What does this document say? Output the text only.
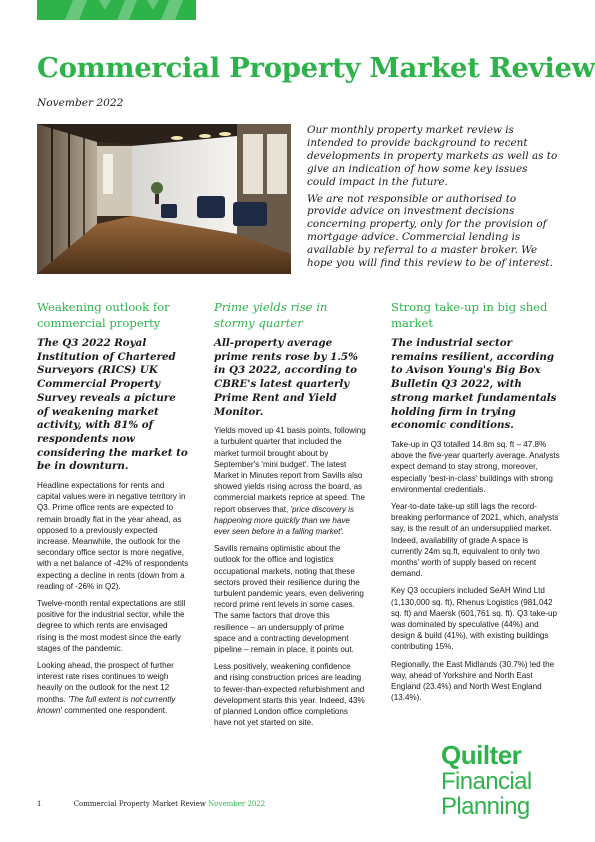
Commercial Property Market Review
November 2022

Our monthly property market review is intended to provide background to recent developments in property markets as well as to give an indication of how some key issues could impact in the future.

We are not responsible or authorised to provide advice on investment decisions concerning property, only for the provision of mortgage advice. Commercial lending is available by referral to a master broker. We hope you will find this review to be of interest.

Weakening outlook for commercial property
The Q3 2022 Royal Institution of Chartered Surveyors (RICS) UK Commercial Property Survey reveals a picture of weakening market activity, with 81% of respondents now considering the market to be in downturn.

Headline expectations for rents and capital values were in negative territory in Q3. Prime office rents are expected to remain broadly flat in the year ahead, as opposed to a previously expected increase. Meanwhile, the outlook for the secondary office sector is more negative, with a net balance of -42% of respondents expecting a decline in rents (down from a reading of -26% in Q2).

Twelve-month rental expectations are still positive for the industrial sector, while the degree to which rents are envisaged rising is the most modest since the early stages of the pandemic.

Looking ahead, the prospect of further interest rate rises continues to weigh heavily on the outlook for the next 12 months. 'The full extent is not currently known' commented one respondent.

Prime yields rise in stormy quarter
All-property average prime rents rose by 1.5% in Q3 2022, according to CBRE's latest quarterly Prime Rent and Yield Monitor.

Yields moved up 41 basis points, following a turbulent quarter that included the market turmoil brought about by September's 'mini budget'. The latest Market in Minutes report from Savills also showed yields rising across the board, as commercial markets reprice at speed. The report observes that, 'price discovery is happening more quickly than we have ever seen before in a falling market'.

Savills remains optimistic about the outlook for the office and logistics occupational markets, noting that these sectors proved their resilience during the turbulent pandemic years, even delivering record prime rent levels in some cases. The same factors that drove this resilience – an undersupply of prime space and a contracting development pipeline – remain in place, it points out.

Less positively, weakening confidence and rising construction prices are leading to fewer-than-expected refurbishment and development starts this year. Indeed, 43% of planned London office completions have not yet started on site.

Strong take-up in big shed market
The industrial sector remains resilient, according to Avison Young's Big Box Bulletin Q3 2022, with strong market fundamentals holding firm in trying economic conditions.

Take-up in Q3 totalled 14.8m sq. ft – 47.8% above the five-year quarterly average. Analysts expect demand to stay strong, moreover, especially 'best-in-class' buildings with strong environmental credentials.

Year-to-date take-up still lags the record-breaking performance of 2021, which, analysts say, is the result of an undersupplied market. Indeed, availability of grade A space is currently 24m sq.ft, equivalent to only two months' worth of supply based on recent demand.

Key Q3 occupiers included SeAH Wind Ltd (1,130,000 sq. ft), Rhenus Logistics (981,042 sq. ft) and Maersk (601,761 sq. ft). Q3 take-up was dominated by speculative (44%) and design & build (41%), with existing buildings contributing 15%.

Regionally, the East Midlands (30.7%) led the way, ahead of Yorkshire and North East England (23.4%) and North West England (13.4%).

Quilter
Financial
Planning
1	Commercial Property Market Review November 2022
